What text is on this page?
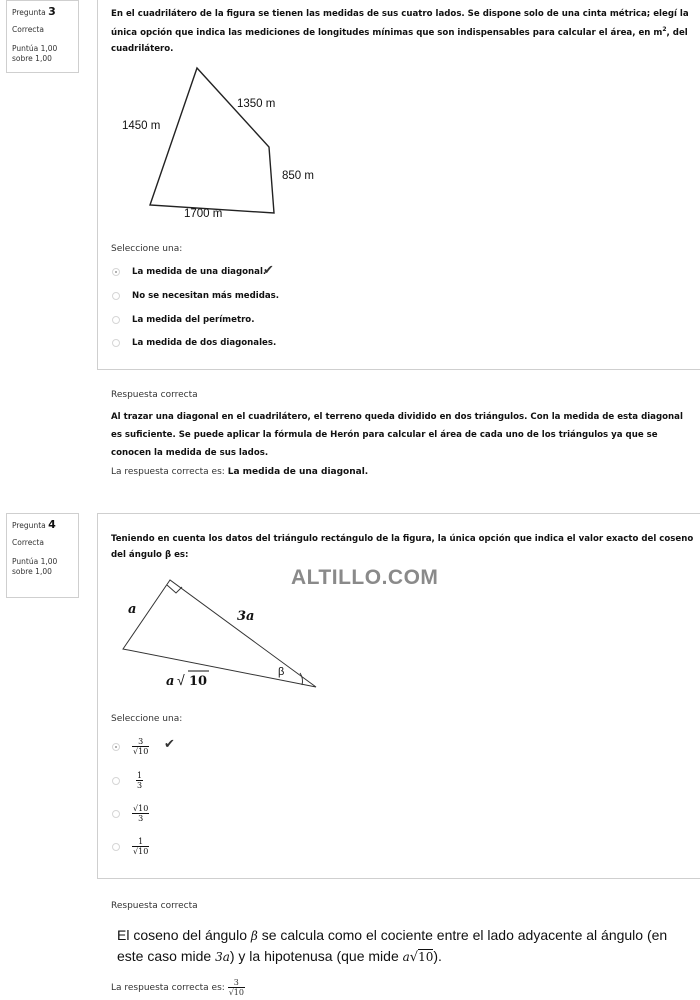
Pregunta 3
Correcta
Puntúa 1,00 sobre 1,00
En el cuadrilátero de la figura se tienen las medidas de sus cuatro lados. Se dispone solo de una cinta métrica; elegí la única opción que indica las mediciones de longitudes mínimas que son indispensables para calcular el área, en $m^2$, del cuadrilátero.
1450 m
1350 m
850 m
1700 m
Seleccione una:
La medida de una diagonal.
✔
No se necesitan más medidas.
La medida del perímetro.
La medida de dos diagonales.
Respuesta correcta
Al trazar una diagonal en el cuadrilátero, el terreno queda dividido en dos triángulos. Con la medida de esta diagonal es suficiente. Se puede aplicar la fórmula de Herón para calcular el área de cada uno de los triángulos ya que se conocen la medida de sus lados.
La respuesta correcta es: La medida de una diagonal.
Pregunta 4
Correcta
Puntúa 1,00 sobre 1,00
Teniendo en cuenta los datos del triángulo rectángulo de la figura, la única opción que indica el valor exacto del coseno del ángulo β es:
ALTILLO.COM
a	3a
a √ 10
β
Seleccione una:
$\frac{3}{√10}$ ✔
$\frac{1}{3}$
$\frac{√10}{3}$
$\frac{1}{√10}$
Respuesta correcta
El coseno del ángulo β se calcula como el cociente entre el lado adyacente al ángulo (en este caso mide 3a) y la hipotenusa (que mide a√10).
La respuesta correcta es: $\frac{3}{√10}$
